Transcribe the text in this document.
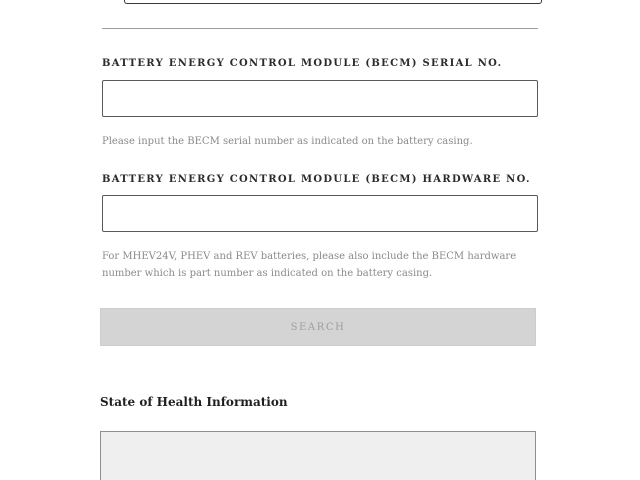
BATTERY ENERGY CONTROL MODULE (BECM) SERIAL NO.
Please input the BECM serial number as indicated on the battery casing.
BATTERY ENERGY CONTROL MODULE (BECM) HARDWARE NO.
For MHEV24V, PHEV and REV batteries, please also include the BECM hardware number which is part number as indicated on the battery casing.
SEARCH
State of Health Information
